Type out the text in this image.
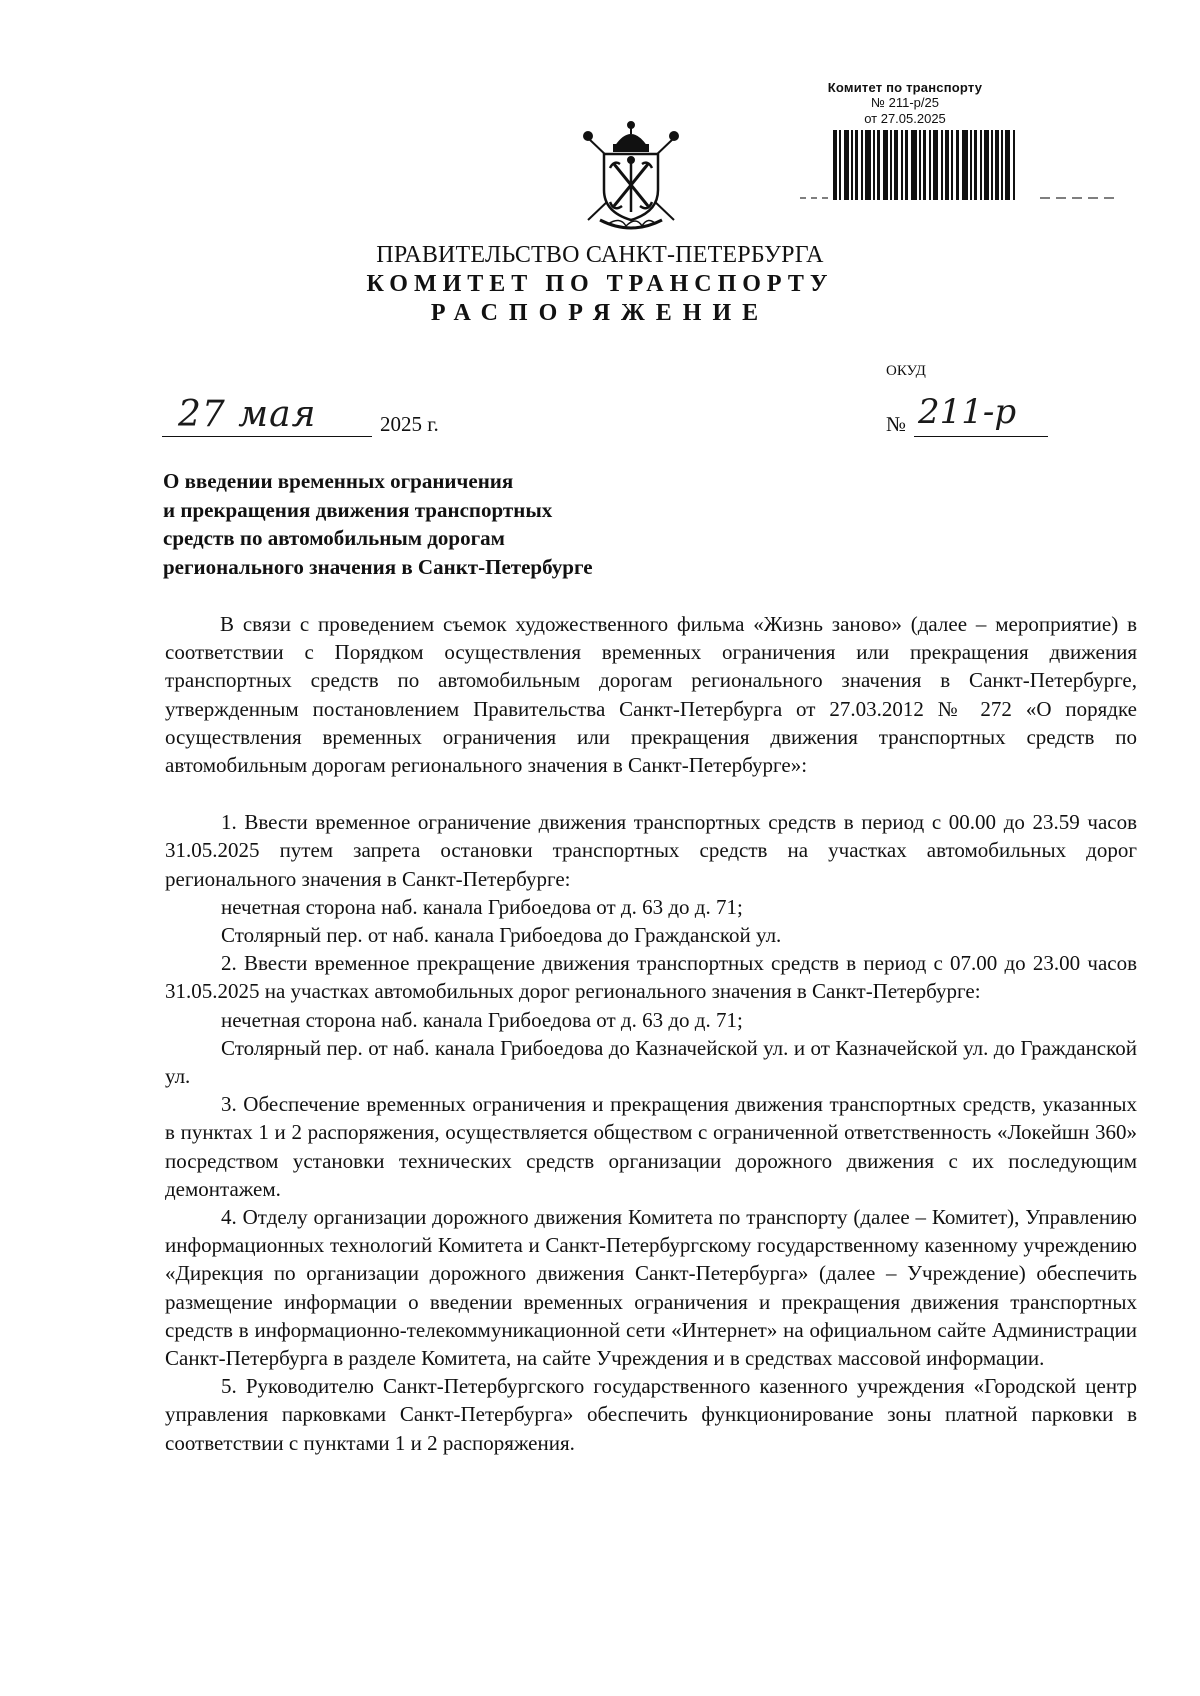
Комитет по транспорту
№ 211-р/25
от 27.05.2025
ПРАВИТЕЛЬСТВО САНКТ-ПЕТЕРБУРГА
КОМИТЕТ ПО ТРАНСПОРТУ
РАСПОРЯЖЕНИЕ
ОКУД
27 мая	2025 г.	№ 211-р
О введении временных ограничения
и прекращения движения транспортных
средств по автомобильным дорогам
регионального значения в Санкт-Петербурге

В связи с проведением съемок художественного фильма «Жизнь заново» (далее – мероприятие) в соответствии с Порядком осуществления временных ограничения или прекращения движения транспортных средств по автомобильным дорогам регионального значения в Санкт-Петербурге, утвержденным постановлением Правительства Санкт-Петербурга от 27.03.2012 № 272 «О порядке осуществления временных ограничения или прекращения движения транспортных средств по автомобильным дорогам регионального значения в Санкт-Петербурге»:

1. Ввести временное ограничение движения транспортных средств в период с 00.00 до 23.59 часов 31.05.2025 путем запрета остановки транспортных средств на участках автомобильных дорог регионального значения в Санкт-Петербурге:

нечетная сторона наб. канала Грибоедова от д. 63 до д. 71;

Столярный пер. от наб. канала Грибоедова до Гражданской ул.

2. Ввести временное прекращение движения транспортных средств в период с 07.00 до 23.00 часов 31.05.2025 на участках автомобильных дорог регионального значения в Санкт-Петербурге:

нечетная сторона наб. канала Грибоедова от д. 63 до д. 71;

Столярный пер. от наб. канала Грибоедова до Казначейской ул. и от Казначейской ул. до Гражданской ул.

3. Обеспечение временных ограничения и прекращения движения транспортных средств, указанных в пунктах 1 и 2 распоряжения, осуществляется обществом с ограниченной ответственность «Локейшн 360» посредством установки технических средств организации дорожного движения с их последующим демонтажем.

4. Отделу организации дорожного движения Комитета по транспорту (далее – Комитет), Управлению информационных технологий Комитета и Санкт-Петербургскому государственному казенному учреждению «Дирекция по организации дорожного движения Санкт-Петербурга» (далее – Учреждение) обеспечить размещение информации о введении временных ограничения и прекращения движения транспортных средств в информационно-телекоммуникационной сети «Интернет» на официальном сайте Администрации Санкт-Петербурга в разделе Комитета, на сайте Учреждения и в средствах массовой информации.

5. Руководителю Санкт-Петербургского государственного казенного учреждения «Городской центр управления парковками Санкт-Петербурга» обеспечить функционирование зоны платной парковки в соответствии с пунктами 1 и 2 распоряжения.
